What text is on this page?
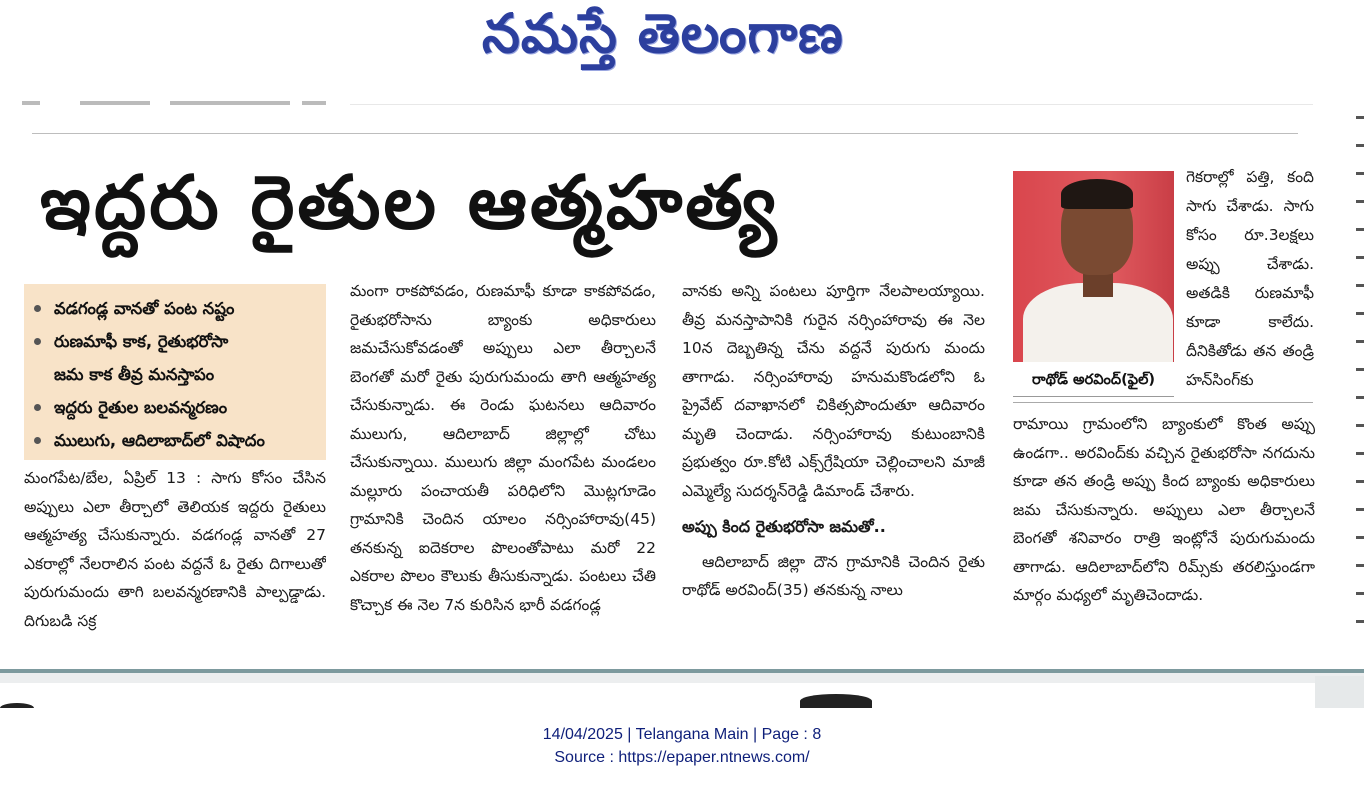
నమస్తే తెలంగాణ
ఇద్దరు రైతుల ఆత్మహత్య
వడగండ్ల వానతో పంట నష్టం
రుణమాఫీ కాక, రైతుభరోసా
జమ కాక తీవ్ర మనస్తాపం
ఇద్దరు రైతుల బలవన్మరణం
ములుగు, ఆదిలాబాద్‌లో విషాదం

మంగపేట/బేల, ఏప్రిల్ 13 : సాగు కోసం చేసిన అప్పులు ఎలా తీర్చాలో తెలియక ఇద్దరు రైతులు ఆత్మహత్య చేసుకున్నారు. వడగండ్ల వానతో 27 ఎకరాల్లో నేలరాలిన పంట వద్దనే ఓ రైతు దిగాలుతో పురుగుమందు తాగి బలవన్మరణానికి పాల్పడ్డాడు. దిగుబడి సక్ర

మంగా రాకపోవడం, రుణమాఫీ కూడా కాకపోవడం, రైతుభరోసాను బ్యాంకు అధికారులు జమచేసుకోవడంతో అప్పులు ఎలా తీర్చాలనే బెంగతో మరో రైతు పురుగుమందు తాగి ఆత్మహత్య చేసుకున్నాడు. ఈ రెండు ఘటనలు ఆదివారం ములుగు, ఆదిలాబాద్ జిల్లాల్లో చోటు చేసుకున్నాయి. ములుగు జిల్లా మంగపేట మండలం మల్లూరు పంచాయతీ పరిధిలోని మొట్లగూడెం గ్రామానికి చెందిన యాలం నర్సింహారావు(45) తనకున్న ఐదెకరాల పొలంతోపాటు మరో 22 ఎకరాల పొలం కౌలుకు తీసుకున్నాడు. పంటలు చేతి కొచ్చాక ఈ నెల 7న కురిసిన భారీ వడగండ్ల

వానకు అన్ని పంటలు పూర్తిగా నేలపాలయ్యాయి. తీవ్ర మనస్తాపానికి గురైన నర్సింహారావు ఈ నెల 10న దెబ్బతిన్న చేను వద్దనే పురుగు మందు తాగాడు. నర్సింహారావు హనుమకొండలోని ఓ ప్రైవేట్ దవాఖానలో చికిత్సపొందుతూ ఆదివారం మృతి చెందాడు. నర్సింహారావు కుటుంబానికి ప్రభుత్వం రూ.కోటి ఎక్స్‌గ్రేషియా చెల్లించాలని మాజీ ఎమ్మెల్యే సుదర్శన్‌రెడ్డి డిమాండ్ చేశారు.

అప్పు కింద రైతుభరోసా జమతో..

ఆదిలాబాద్ జిల్లా దౌన గ్రామానికి చెందిన రైతు రాథోడ్ అరవింద్(35) తనకున్న నాలు

రాథోడ్ అరవింద్(ఫైల్)

గెకరాల్లో పత్తి, కంది సాగు చేశాడు. సాగు కోసం రూ.3లక్షలు అప్పు చేశాడు. అతడికి రుణమాఫీ కూడా కాలేదు. దీనికితోడు తన తండ్రి హన్‌సింగ్‌కు

రామాయి గ్రామంలోని బ్యాంకులో కొంత అప్పు ఉండగా.. అరవింద్‌కు వచ్చిన రైతుభరోసా నగదును కూడా తన తండ్రి అప్పు కింద బ్యాంకు అధికారులు జమ చేసుకున్నారు. అప్పులు ఎలా తీర్చాలనే బెంగతో శనివారం రాత్రి ఇంట్లోనే పురుగుమందు తాగాడు. ఆదిలాబాద్‌లోని రిమ్స్‌కు తరలిస్తుండగా మార్గం మధ్యలో మృతిచెందాడు.

14/04/2025 | Telangana Main | Page : 8
Source : https://epaper.ntnews.com/
